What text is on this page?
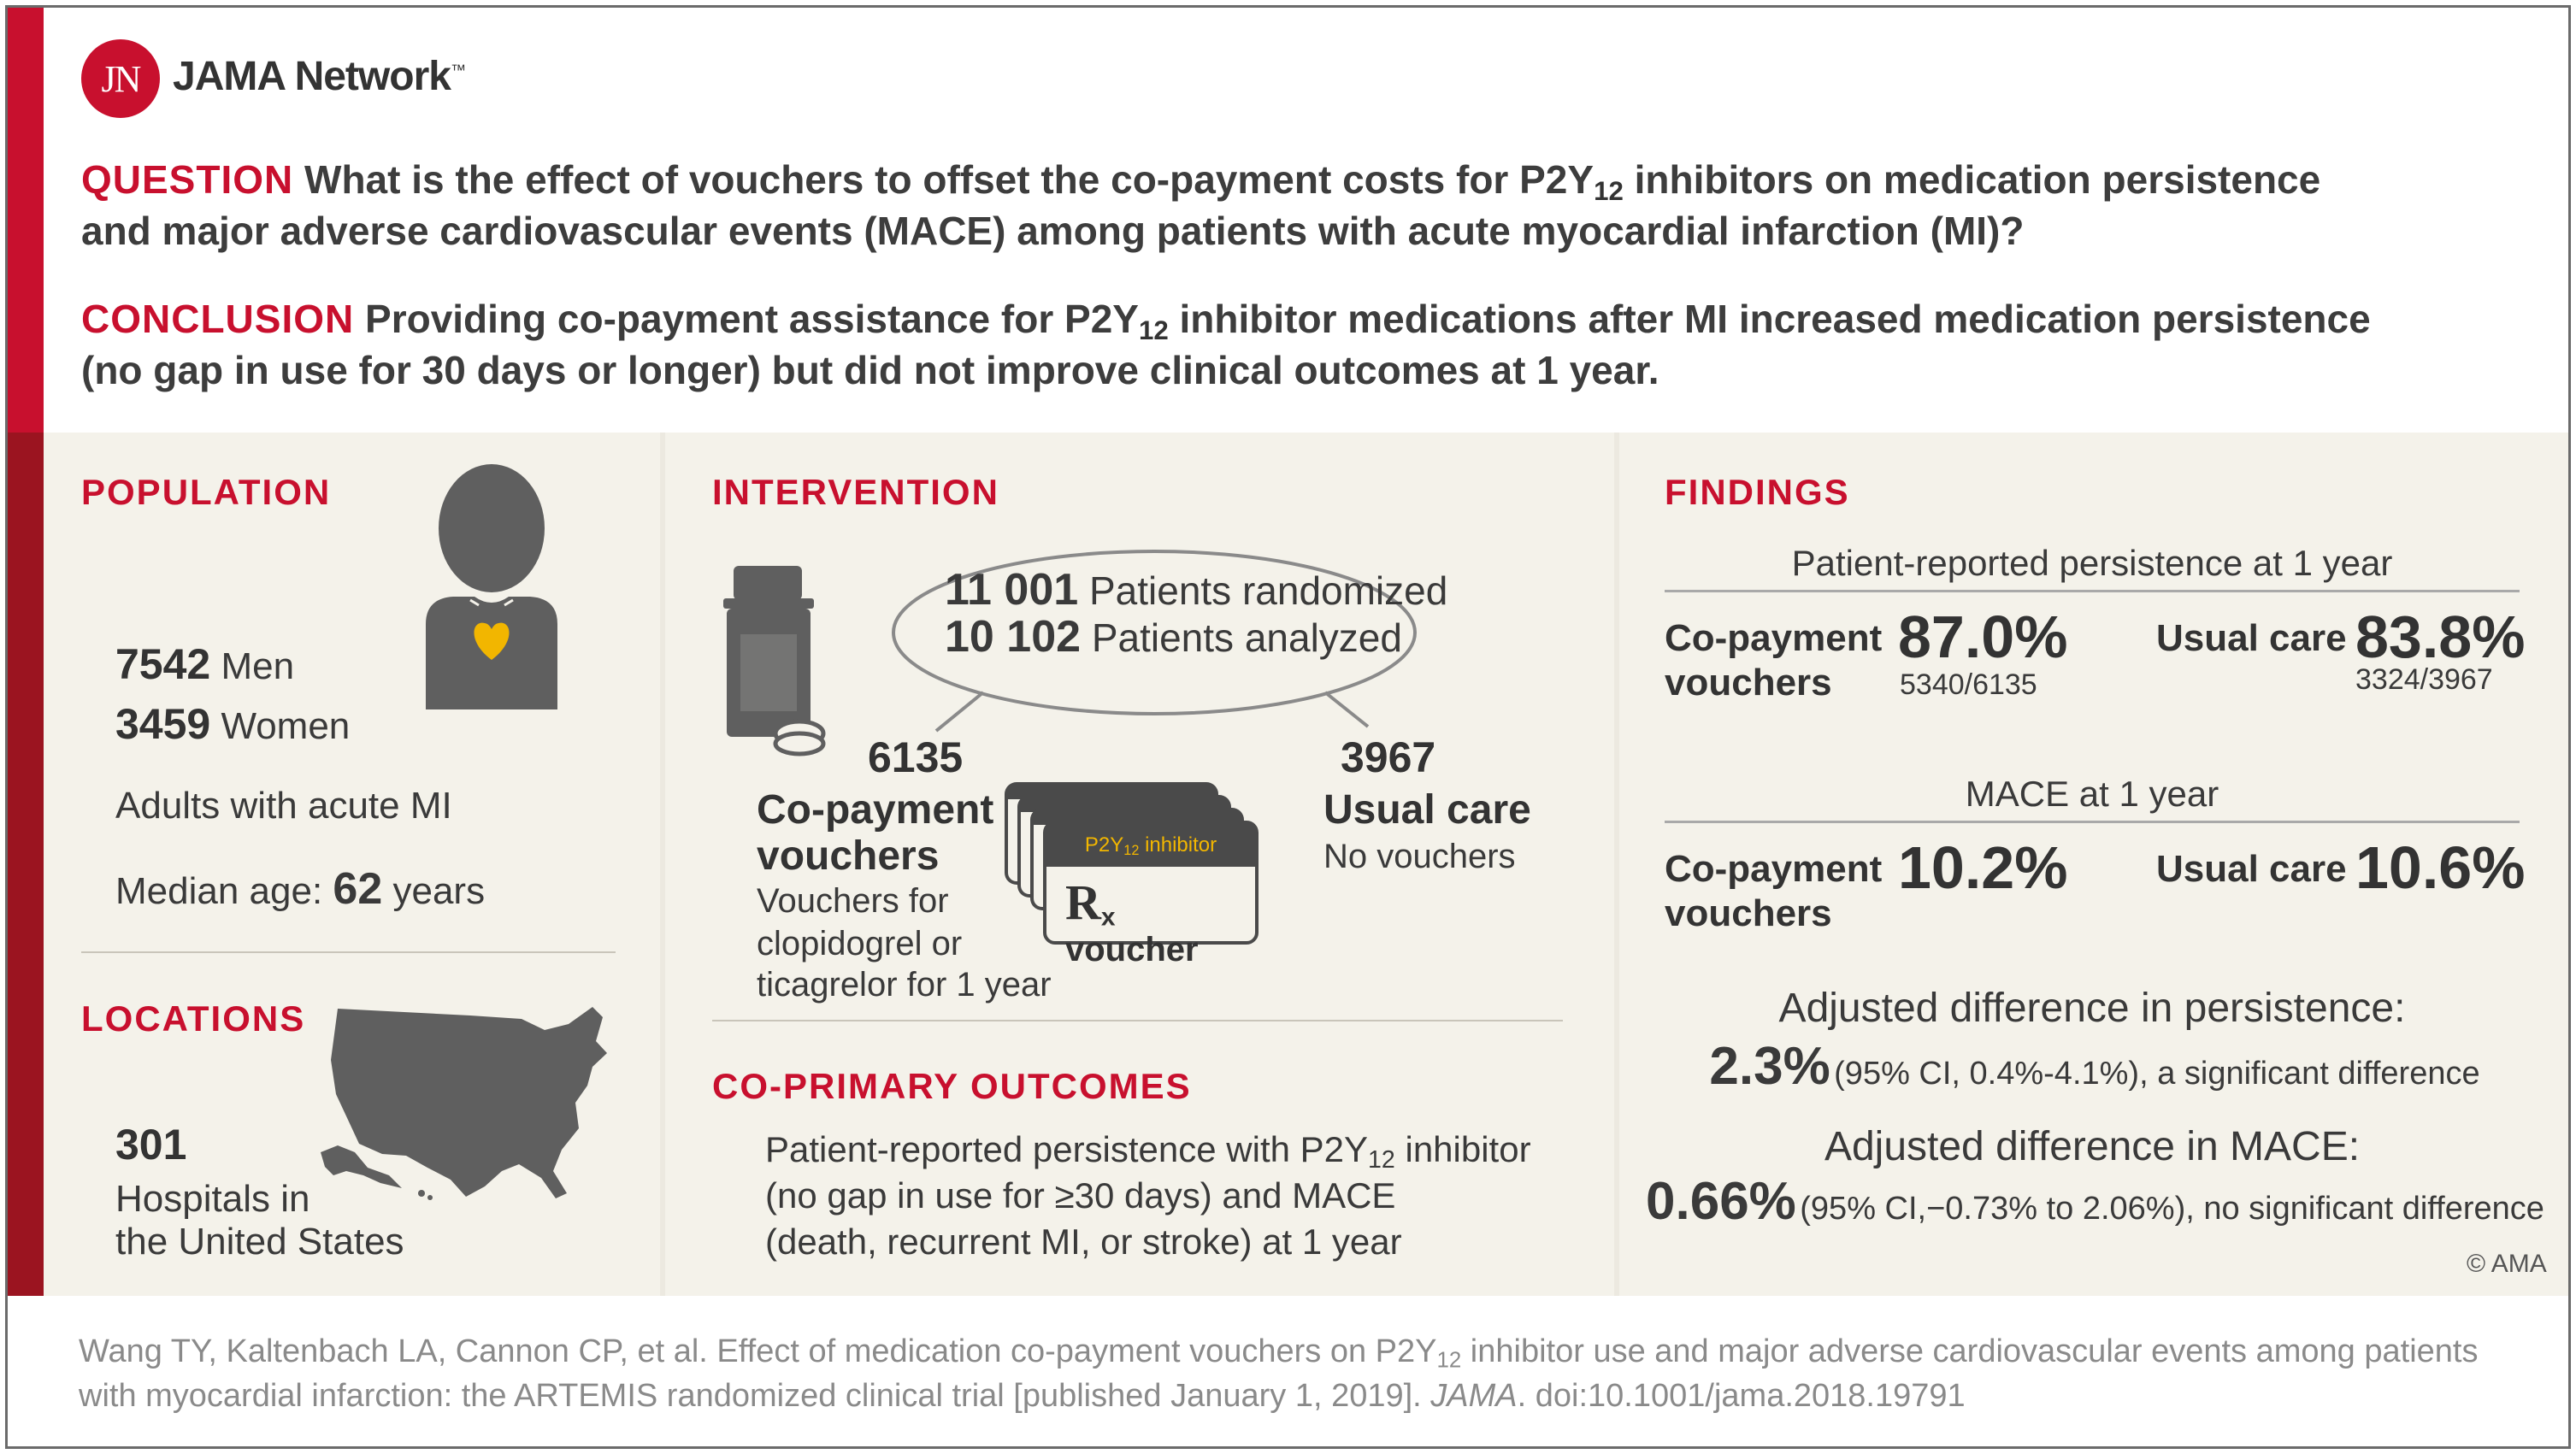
JN JAMA Network™
QUESTION What is the effect of vouchers to offset the co-payment costs for $P2Y_{12}$ inhibitors on medication persistence
and major adverse cardiovascular events (MACE) among patients with acute myocardial infarction (MI)?
CONCLUSION Providing co-payment assistance for $P2Y_{12}$ inhibitor medications after MI increased medication persistence
(no gap in use for 30 days or longer) but did not improve clinical outcomes at 1 year.
POPULATION
7542 Men
3459 Women
Adults with acute MI
Median age: 62 years
LOCATIONS
301
Hospitals in
the United States
INTERVENTION
11 001 Patients randomized
10 102 Patients analyzed
6135
Co-payment
vouchers
Vouchers for
clopidogrel or
ticagrelor for 1 year
$P2Y_{12}$ inhibitor
$R_x$ voucher
3967
Usual care
No vouchers
CO-PRIMARY OUTCOMES
Patient-reported persistence with $P2Y_{12}$ inhibitor
(no gap in use for ≥30 days) and MACE
(death, recurrent MI, or stroke) at 1 year
FINDINGS
Patient-reported persistence at 1 year
Co-payment
vouchers
87.0%
5340/6135
Usual care 83.8%
3324/3967
MACE at 1 year
Co-payment
vouchers
10.2% Usual care 10.6%
Adjusted difference in persistence:
2.3% (95% CI, 0.4%-4.1%), a significant difference
Adjusted difference in MACE:
0.66% (95% CI,−0.73% to 2.06%), no significant difference
© AMA
Wang TY, Kaltenbach LA, Cannon CP, et al. Effect of medication co-payment vouchers on $P2Y_{12}$ inhibitor use and major adverse cardiovascular events among patients
with myocardial infarction: the ARTEMIS randomized clinical trial [published January 1, 2019]. JAMA. doi:10.1001/jama.2018.19791
